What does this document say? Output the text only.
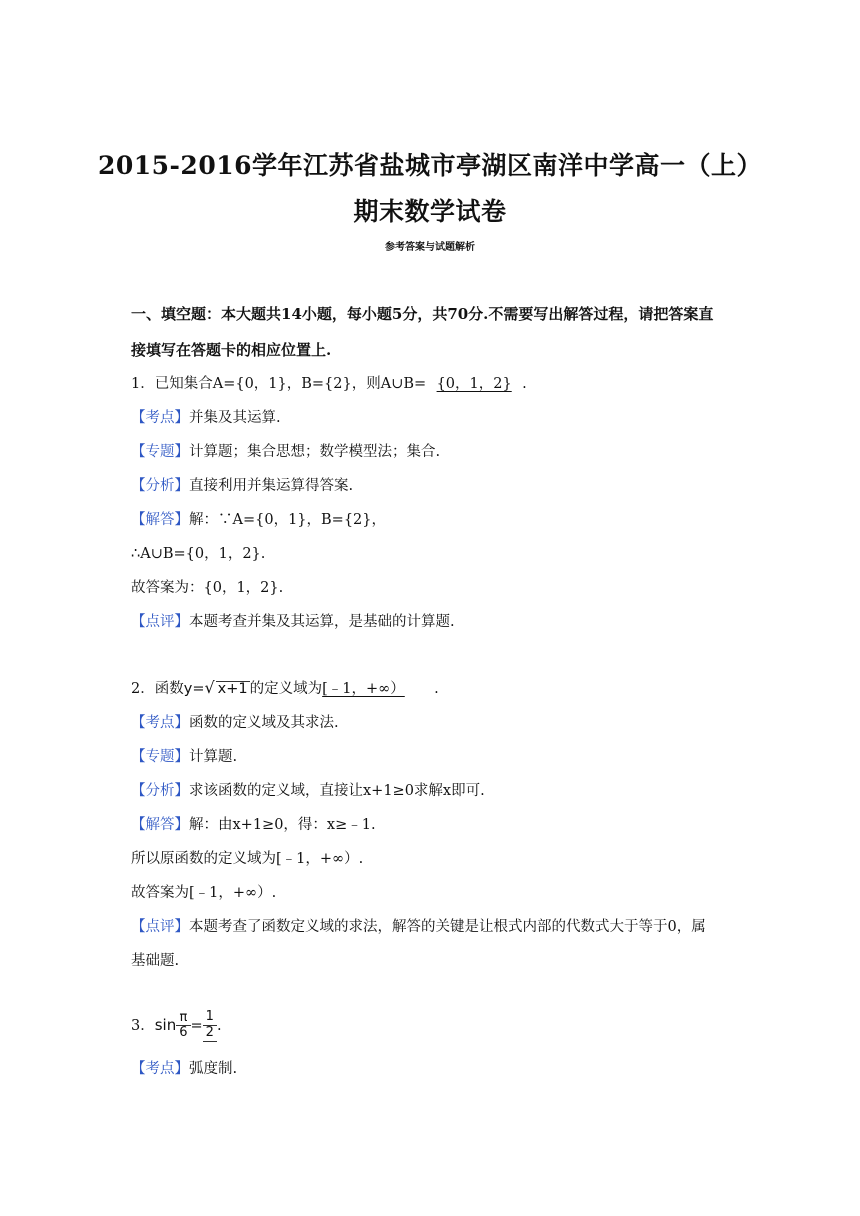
2015-2016学年江苏省盐城市亭湖区南洋中学高一（上）
期末数学试卷
参考答案与试题解析
一、填空题：本大题共14小题，每小题5分，共70分.不需要写出解答过程，请把答案直
接填写在答题卡的相应位置上.
1．已知集合A={0，1}，B={2}，则A∪B= {0，1，2} .
【考点】并集及其运算.
【专题】计算题；集合思想；数学模型法；集合.
【分析】直接利用并集运算得答案.
【解答】解：∵A={0，1}，B={2}，
∴A∪B={0，1，2}.
故答案为：{0，1，2}.
【点评】本题考查并集及其运算，是基础的计算题.
2．函数y=√ x+1 的定义域为[﹣1，+∞） .
【考点】函数的定义域及其求法.
【专题】计算题.
【分析】求该函数的定义域，直接让x+1≥0求解x即可.
【解答】解：由x+1≥0，得：x≥﹣1.
所以原函数的定义域为[﹣1，+∞）.
故答案为[﹣1，+∞）.
【点评】本题考查了函数定义域的求法，解答的关键是让根式内部的代数式大于等于0，属
基础题.
3．$\sin \frac{\pi}{6} = \frac{1}{2}$ .
【考点】弧度制.
